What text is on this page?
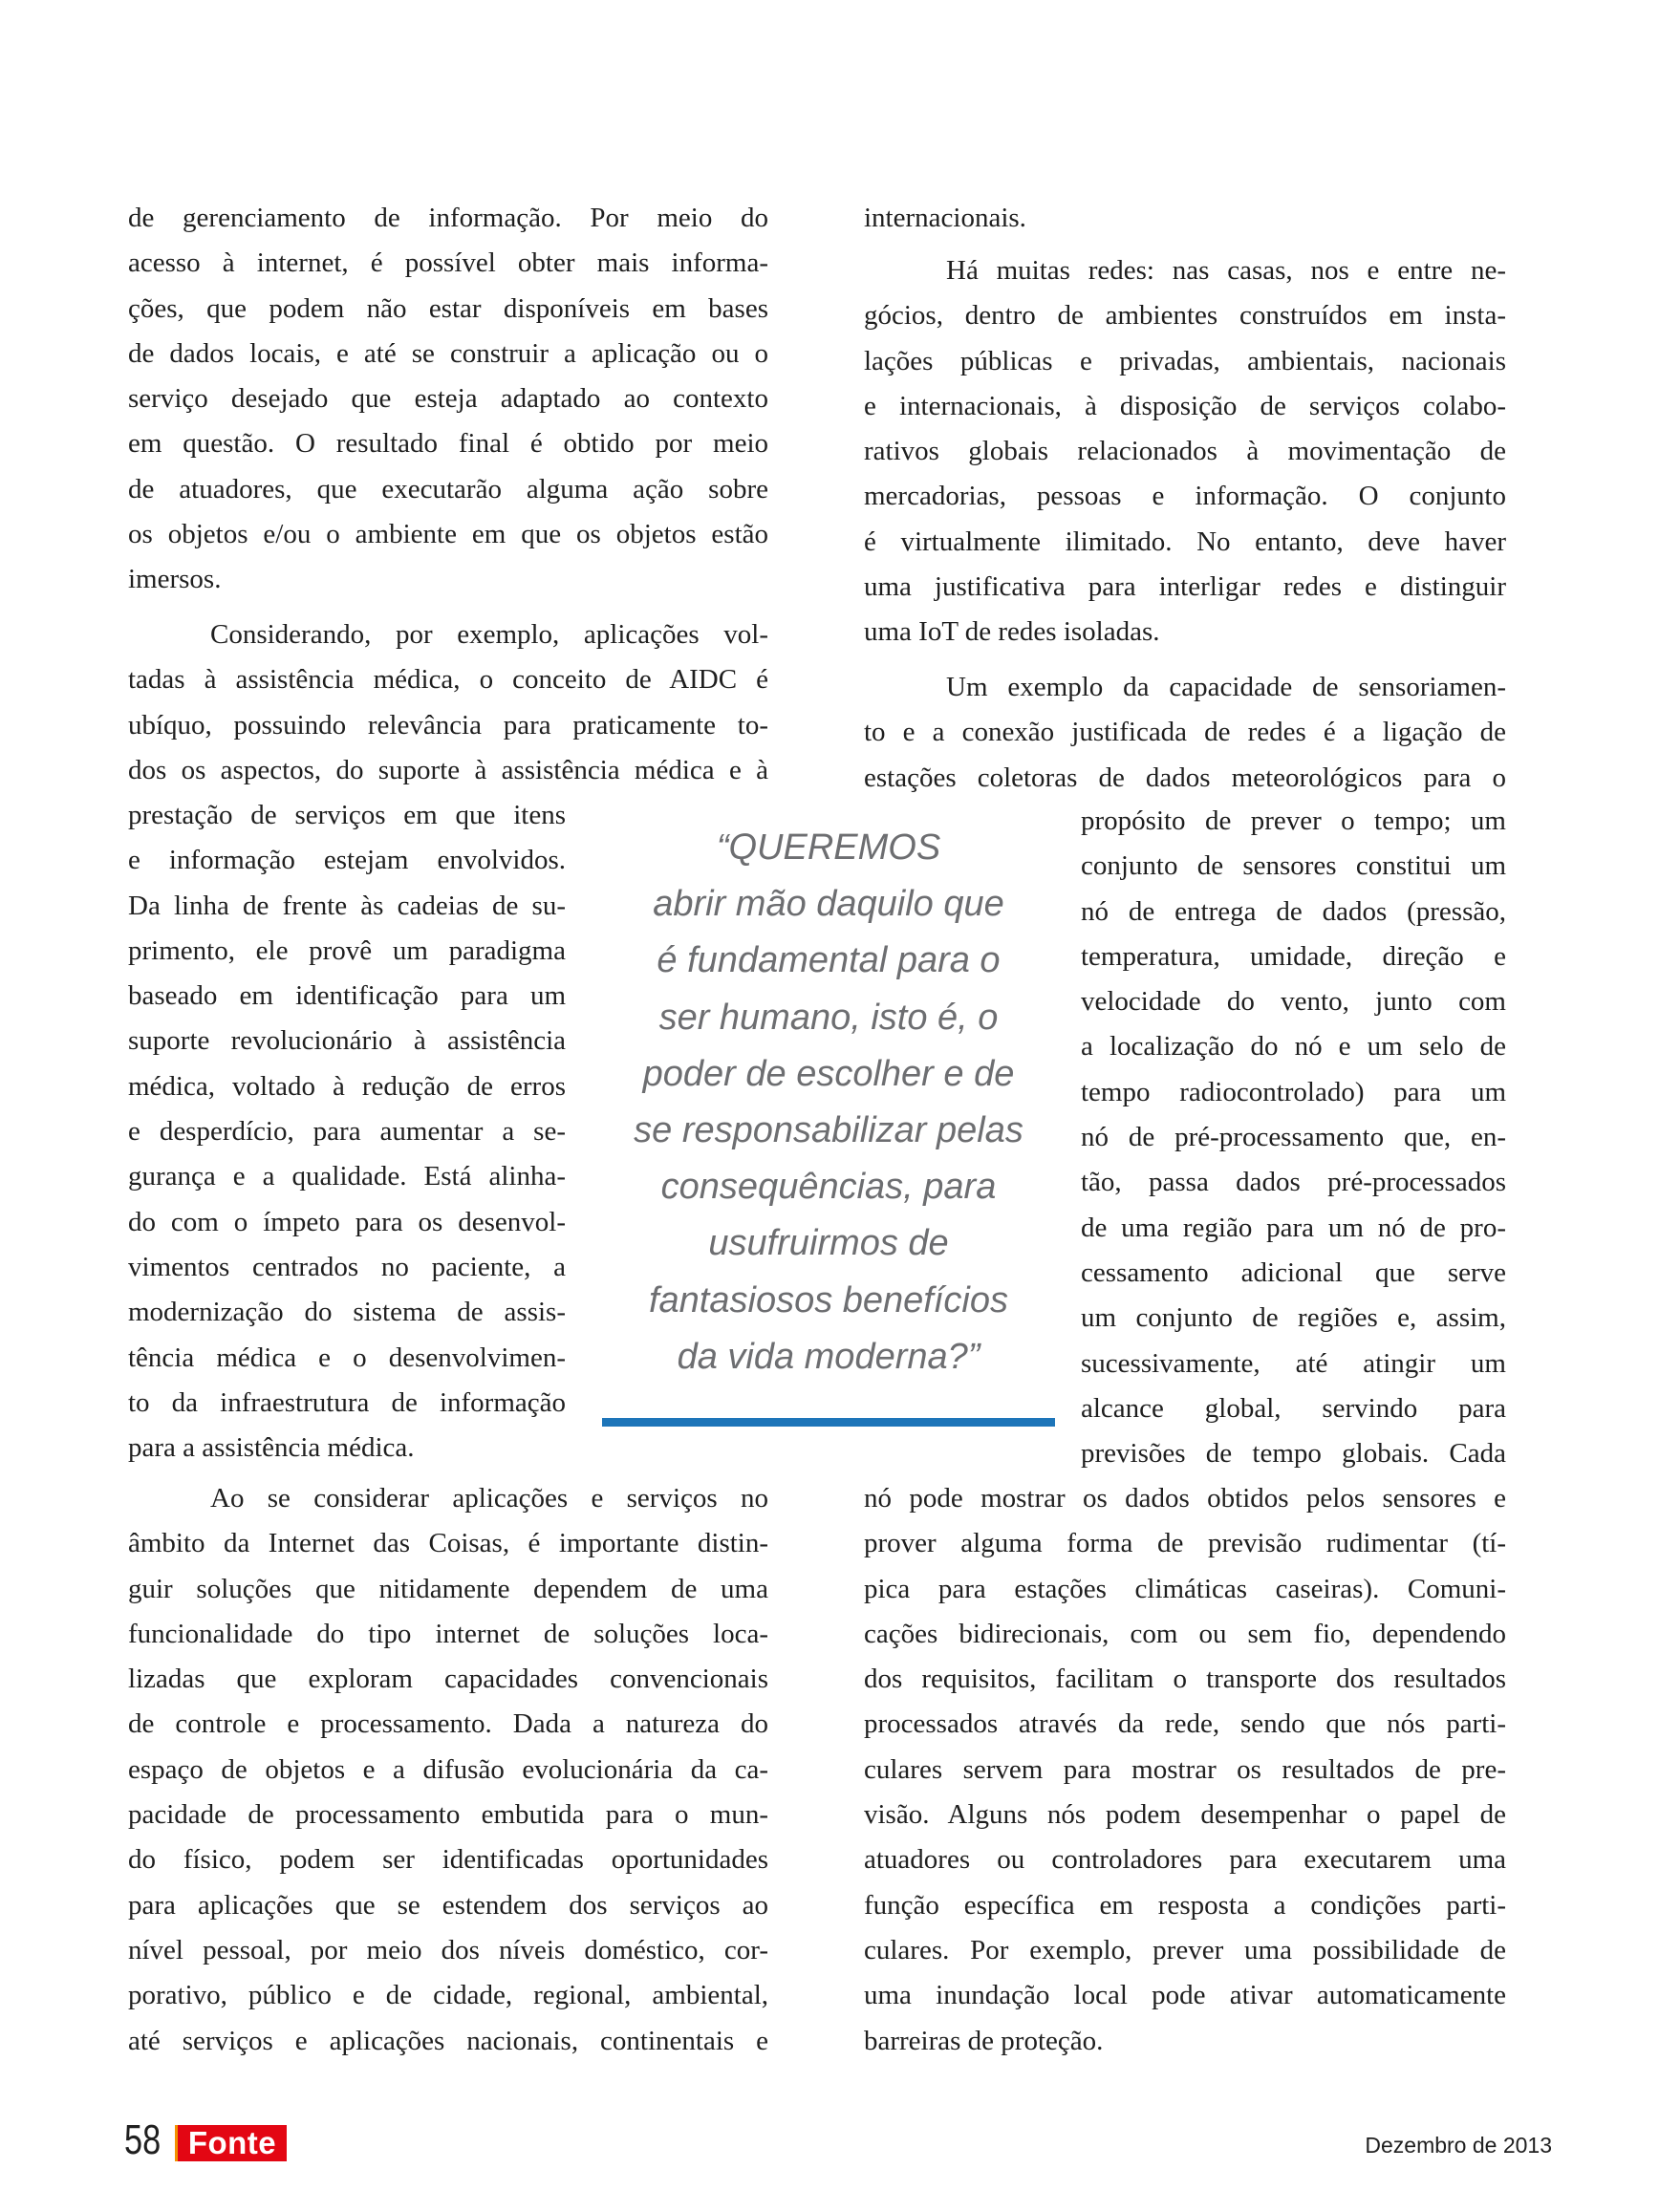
de gerenciamento de informação. Por meio do
acesso à internet, é possível obter mais informa-
ções, que podem não estar disponíveis em bases
de dados locais, e até se construir a aplicação ou o
serviço desejado que esteja adaptado ao contexto
em questão. O resultado final é obtido por meio
de atuadores, que executarão alguma ação sobre
os objetos e/ou o ambiente em que os objetos estão
imersos.
Considerando, por exemplo, aplicações vol-
tadas à assistência médica, o conceito de AIDC é
ubíquo, possuindo relevância para praticamente to-
dos os aspectos, do suporte à assistência médica e à
prestação de serviços em que itens
e informação estejam envolvidos.
Da linha de frente às cadeias de su-
primento, ele provê um paradigma
baseado em identificação para um
suporte revolucionário à assistência
médica, voltado à redução de erros
e desperdício, para aumentar a se-
gurança e a qualidade. Está alinha-
do com o ímpeto para os desenvol-
vimentos centrados no paciente, a
modernização do sistema de assis-
tência médica e o desenvolvimen-
to da infraestrutura de informação
para a assistência médica.
Ao se considerar aplicações e serviços no
âmbito da Internet das Coisas, é importante distin-
guir soluções que nitidamente dependem de uma
funcionalidade do tipo internet de soluções loca-
lizadas que exploram capacidades convencionais
de controle e processamento. Dada a natureza do
espaço de objetos e a difusão evolucionária da ca-
pacidade de processamento embutida para o mun-
do físico, podem ser identificadas oportunidades
para aplicações que se estendem dos serviços ao
nível pessoal, por meio dos níveis doméstico, cor-
porativo, público e de cidade, regional, ambiental,
até serviços e aplicações nacionais, continentais e
internacionais.
Há muitas redes: nas casas, nos e entre ne-
gócios, dentro de ambientes construídos em insta-
lações públicas e privadas, ambientais, nacionais
e internacionais, à disposição de serviços colabo-
rativos globais relacionados à movimentação de
mercadorias, pessoas e informação. O conjunto
é virtualmente ilimitado. No entanto, deve haver
uma justificativa para interligar redes e distinguir
uma IoT de redes isoladas.
Um exemplo da capacidade de sensoriamen-
to e a conexão justificada de redes é a ligação de
estações coletoras de dados meteorológicos para o
propósito de prever o tempo; um
conjunto de sensores constitui um
nó de entrega de dados (pressão,
temperatura, umidade, direção e
velocidade do vento, junto com
a localização do nó e um selo de
tempo radiocontrolado) para um
nó de pré-processamento que, en-
tão, passa dados pré-processados
de uma região para um nó de pro-
cessamento adicional que serve
um conjunto de regiões e, assim,
sucessivamente, até atingir um
alcance global, servindo para
previsões de tempo globais. Cada
nó pode mostrar os dados obtidos pelos sensores e
prover alguma forma de previsão rudimentar (tí-
pica para estações climáticas caseiras). Comuni-
cações bidirecionais, com ou sem fio, dependendo
dos requisitos, facilitam o transporte dos resultados
processados através da rede, sendo que nós parti-
culares servem para mostrar os resultados de pre-
visão. Alguns nós podem desempenhar o papel de
atuadores ou controladores para executarem uma
função específica em resposta a condições parti-
culares. Por exemplo, prever uma possibilidade de
uma inundação local pode ativar automaticamente
barreiras de proteção.
“QUEREMOS
abrir mão daquilo que
é fundamental para o
ser humano, isto é, o
poder de escolher e de
se responsabilizar pelas
consequências, para
usufruirmos de
fantasiosos benefícios
da vida moderna?”
58 Fonte	Dezembro de 2013
